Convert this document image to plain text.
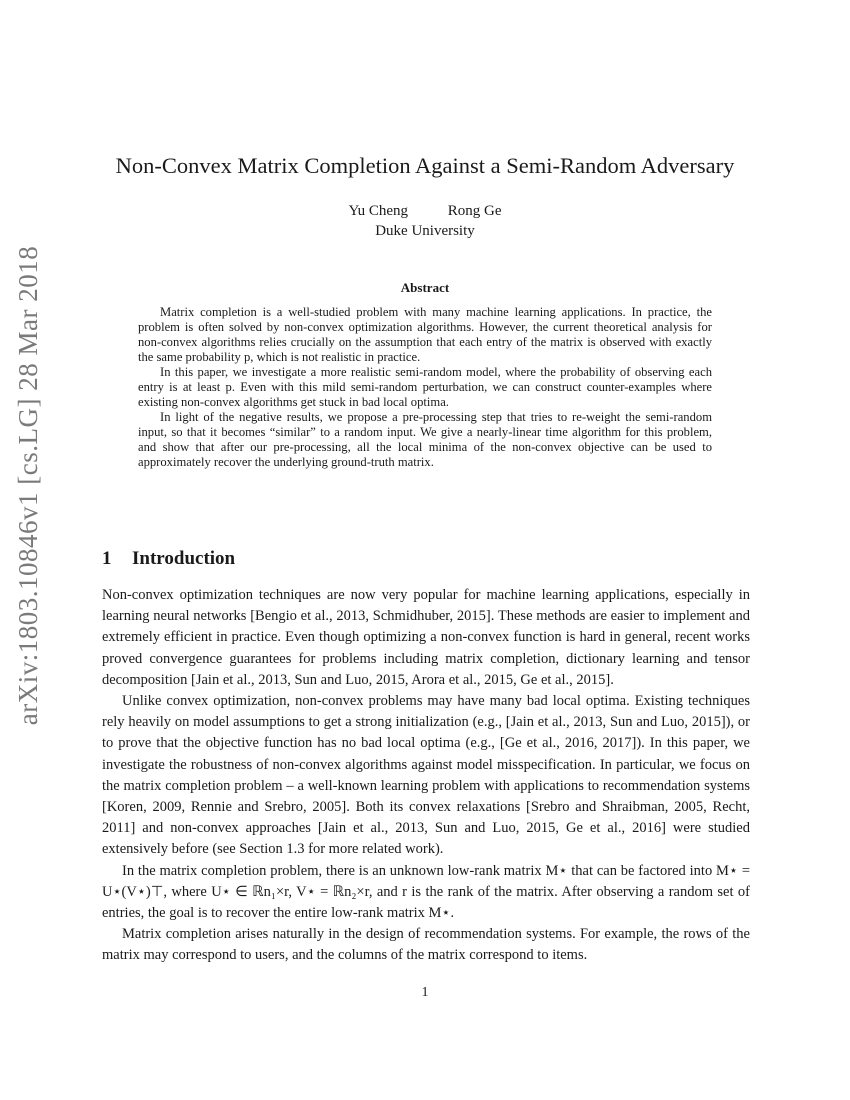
arXiv:1803.10846v1 [cs.LG] 28 Mar 2018
Non-Convex Matrix Completion Against a Semi-Random Adversary
Yu Cheng	Rong Ge
Duke University
Abstract

Matrix completion is a well-studied problem with many machine learning applications. In practice, the problem is often solved by non-convex optimization algorithms. However, the current theoretical analysis for non-convex algorithms relies crucially on the assumption that each entry of the matrix is observed with exactly the same probability p, which is not realistic in practice.

In this paper, we investigate a more realistic semi-random model, where the probability of observing each entry is at least p. Even with this mild semi-random perturbation, we can construct counter-examples where existing non-convex algorithms get stuck in bad local optima.

In light of the negative results, we propose a pre-processing step that tries to re-weight the semi-random input, so that it becomes “similar” to a random input. We give a nearly-linear time algorithm for this problem, and show that after our pre-processing, all the local minima of the non-convex objective can be used to approximately recover the underlying ground-truth matrix.

1 Introduction

Non-convex optimization techniques are now very popular for machine learning applications, especially in learning neural networks [Bengio et al., 2013, Schmidhuber, 2015]. These methods are easier to implement and extremely efficient in practice. Even though optimizing a non-convex function is hard in general, recent works proved convergence guarantees for problems including matrix completion, dictionary learning and tensor decomposition [Jain et al., 2013, Sun and Luo, 2015, Arora et al., 2015, Ge et al., 2015].

Unlike convex optimization, non-convex problems may have many bad local optima. Existing techniques rely heavily on model assumptions to get a strong initialization (e.g., [Jain et al., 2013, Sun and Luo, 2015]), or to prove that the objective function has no bad local optima (e.g., [Ge et al., 2016, 2017]). In this paper, we investigate the robustness of non-convex algorithms against model misspecification. In particular, we focus on the matrix completion problem – a well-known learning problem with applications to recommendation systems [Koren, 2009, Rennie and Srebro, 2005]. Both its convex relaxations [Srebro and Shraibman, 2005, Recht, 2011] and non-convex approaches [Jain et al., 2013, Sun and Luo, 2015, Ge et al., 2016] were studied extensively before (see Section 1.3 for more related work).

In the matrix completion problem, there is an unknown low-rank matrix M⋆ that can be factored into M⋆ = U⋆(V⋆)⊤, where U⋆ ∈ ℝn₁×r, V⋆ = ℝn₂×r, and r is the rank of the matrix. After observing a random set of entries, the goal is to recover the entire low-rank matrix M⋆.

Matrix completion arises naturally in the design of recommendation systems. For example, the rows of the matrix may correspond to users, and the columns of the matrix correspond to items.

1
